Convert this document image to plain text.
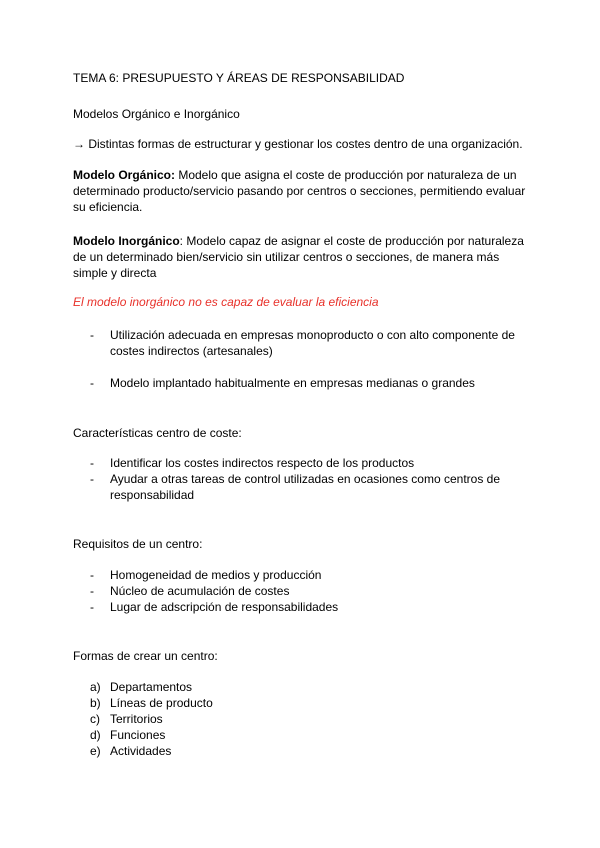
TEMA 6: PRESUPUESTO Y ÁREAS DE RESPONSABILIDAD
Modelos Orgánico e Inorgánico
→ Distintas formas de estructurar y gestionar los costes dentro de una organización.
Modelo Orgánico: Modelo que asigna el coste de producción por naturaleza de un determinado producto/servicio pasando por centros o secciones, permitiendo evaluar su eficiencia.
Modelo Inorgánico: Modelo capaz de asignar el coste de producción por naturaleza de un determinado bien/servicio sin utilizar centros o secciones, de manera más simple y directa
El modelo inorgánico no es capaz de evaluar la eficiencia
- Utilización adecuada en empresas monoproducto o con alto componente de costes indirectos (artesanales)
- Modelo implantado habitualmente en empresas medianas o grandes
Características centro de coste:
- Identificar los costes indirectos respecto de los productos
- Ayudar a otras tareas de control utilizadas en ocasiones como centros de responsabilidad
Requisitos de un centro:
- Homogeneidad de medios y producción
- Núcleo de acumulación de costes
- Lugar de adscripción de responsabilidades
Formas de crear un centro:
a) Departamentos
b) Líneas de producto
c) Territorios
d) Funciones
e) Actividades
